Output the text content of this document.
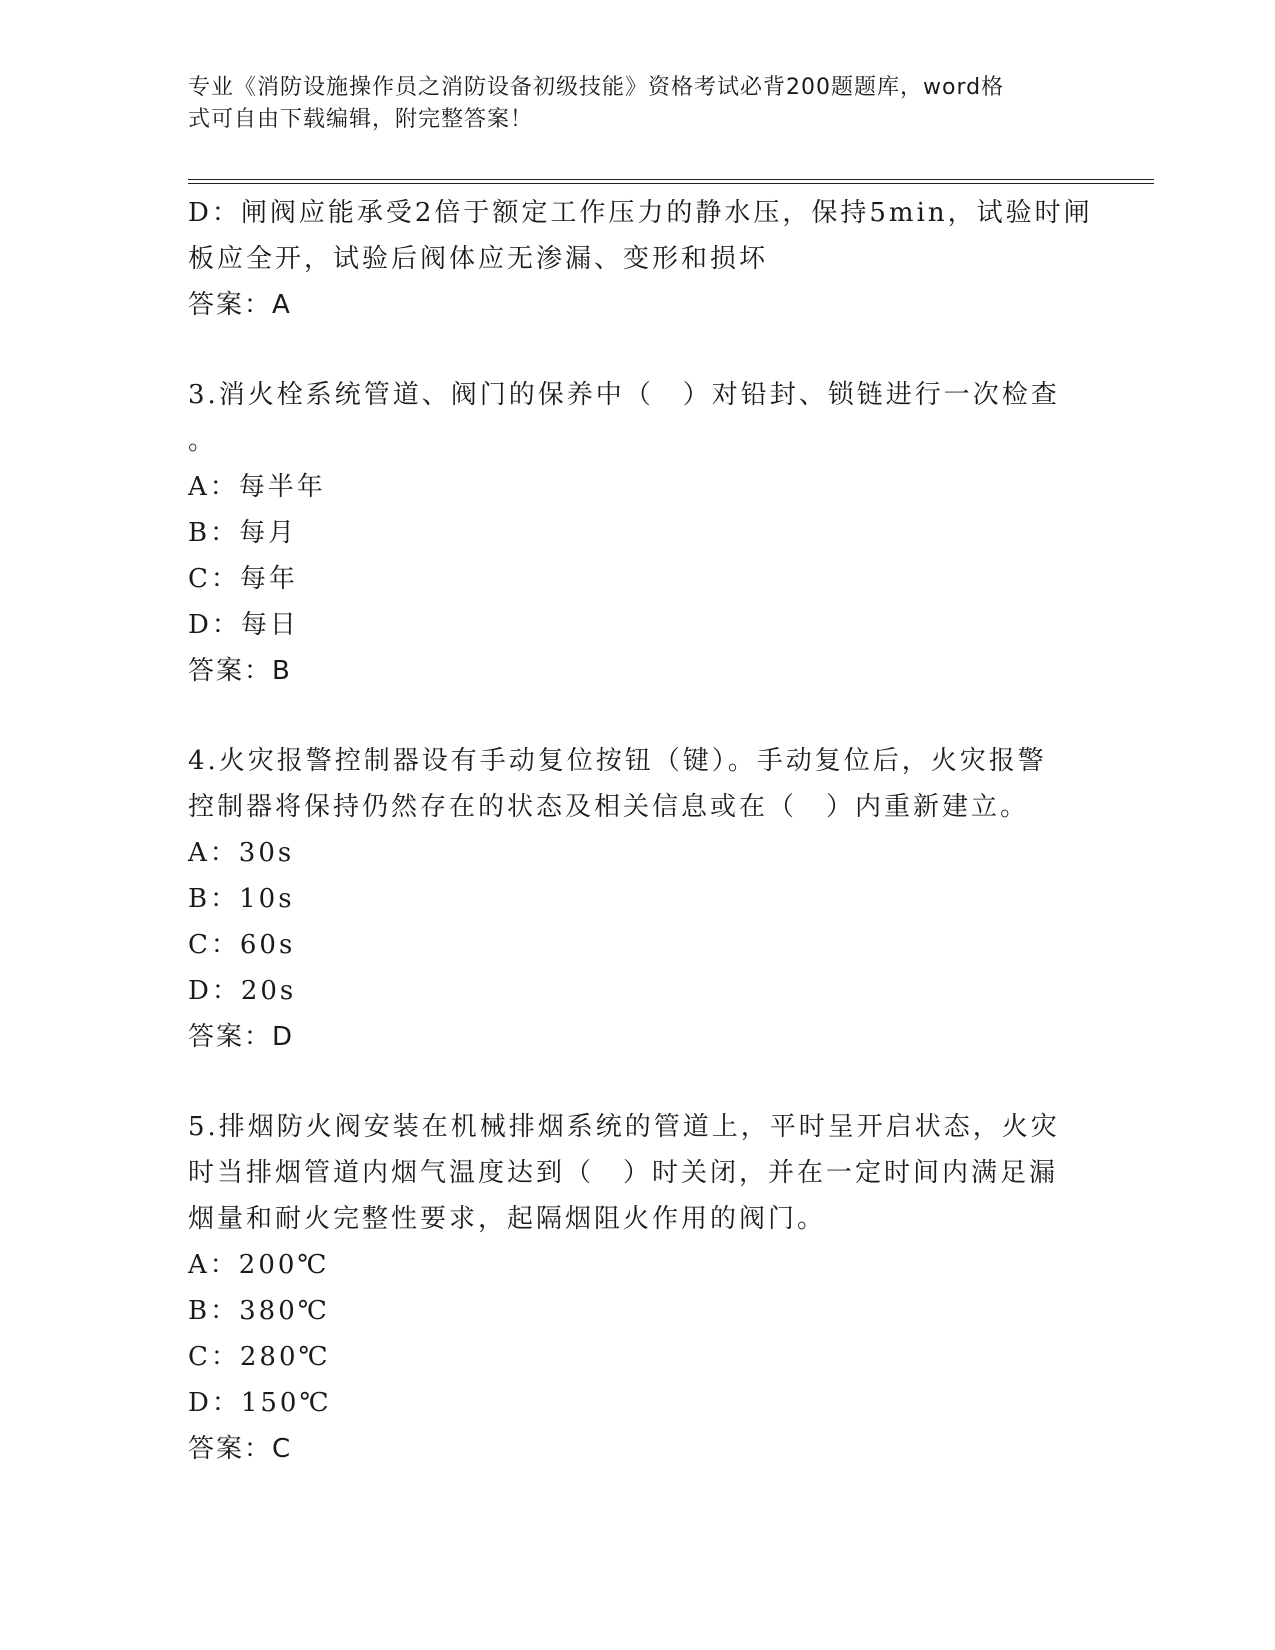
专业《消防设施操作员之消防设备初级技能》资格考试必背200题题库，word格
式可自由下载编辑，附完整答案！
D：闸阀应能承受2倍于额定工作压力的静水压，保持5min，试验时闸
板应全开，试验后阀体应无渗漏、变形和损坏
答案：A
3.消火栓系统管道、阀门的保养中（　）对铅封、锁链进行一次检查
。
A：每半年
B：每月
C：每年
D：每日
答案：B
4.火灾报警控制器设有手动复位按钮（键）。手动复位后，火灾报警
控制器将保持仍然存在的状态及相关信息或在（　）内重新建立。
A：30s
B：10s
C：60s
D：20s
答案：D
5.排烟防火阀安装在机械排烟系统的管道上，平时呈开启状态，火灾
时当排烟管道内烟气温度达到（　）时关闭，并在一定时间内满足漏
烟量和耐火完整性要求，起隔烟阻火作用的阀门。
A：200℃
B：380℃
C：280℃
D：150℃
答案：C
